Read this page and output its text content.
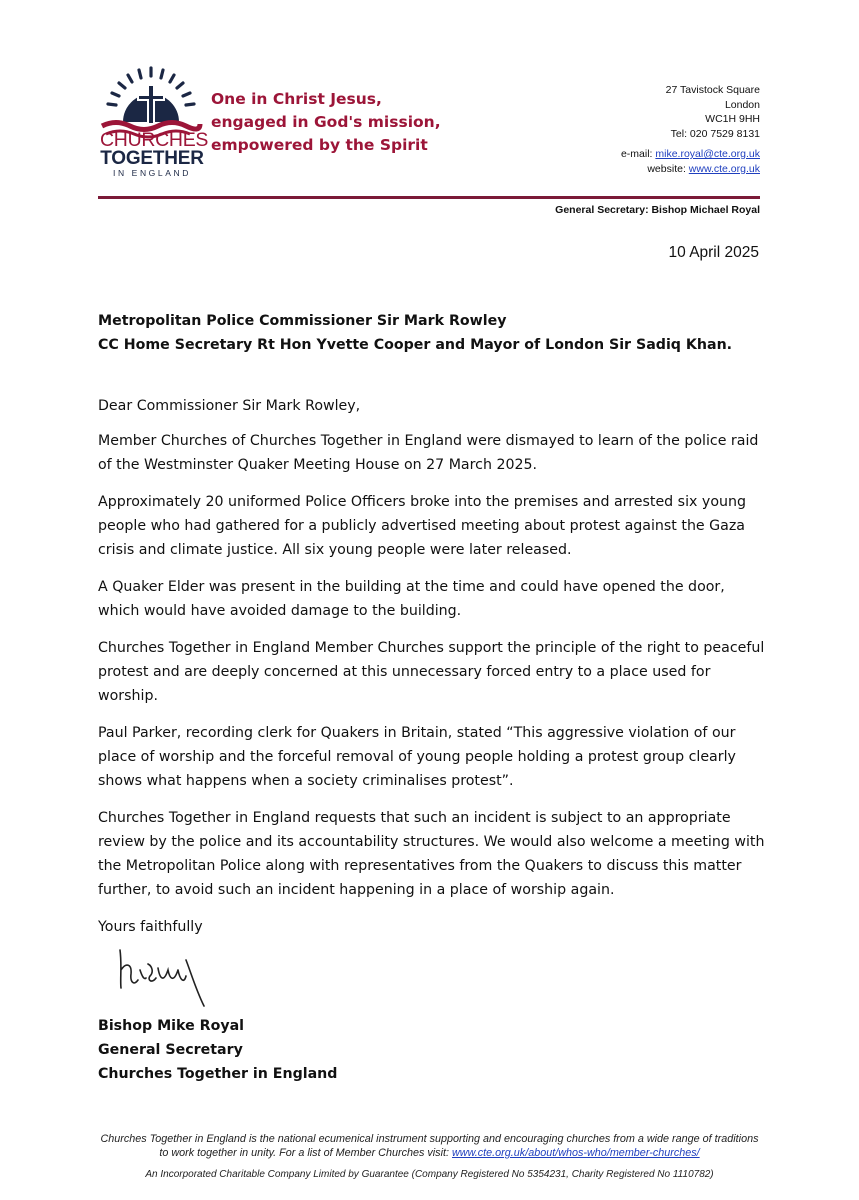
CHURCHES
TOGETHER
IN ENGLAND
One in Christ Jesus,
engaged in God's mission,
empowered by the Spirit
27 Tavistock Square
London
WC1H 9HH
Tel: 020 7529 8131
e-mail: mike.royal@cte.org.uk
website: www.cte.org.uk
General Secretary: Bishop Michael Royal
10 April 2025
Metropolitan Police Commissioner Sir Mark Rowley
CC Home Secretary Rt Hon Yvette Cooper and Mayor of London Sir Sadiq Khan.

Dear Commissioner Sir Mark Rowley,

Member Churches of Churches Together in England were dismayed to learn of the police raid of the Westminster Quaker Meeting House on 27 March 2025.

Approximately 20 uniformed Police Officers broke into the premises and arrested six young people who had gathered for a publicly advertised meeting about protest against the Gaza crisis and climate justice. All six young people were later released.

A Quaker Elder was present in the building at the time and could have opened the door, which would have avoided damage to the building.

Churches Together in England Member Churches support the principle of the right to peaceful protest and are deeply concerned at this unnecessary forced entry to a place used for worship.

Paul Parker, recording clerk for Quakers in Britain, stated “This aggressive violation of our place of worship and the forceful removal of young people holding a protest group clearly shows what happens when a society criminalises protest”.

Churches Together in England requests that such an incident is subject to an appropriate review by the police and its accountability structures. We would also welcome a meeting with the Metropolitan Police along with representatives from the Quakers to discuss this matter further, to avoid such an incident happening in a place of worship again.

Yours faithfully

Bishop Mike Royal
General Secretary
Churches Together in England
Churches Together in England is the national ecumenical instrument supporting and encouraging churches from a wide range of traditions to work together in unity. For a list of Member Churches visit: www.cte.org.uk/about/whos-who/member-churches/
An Incorporated Charitable Company Limited by Guarantee (Company Registered No 5354231, Charity Registered No 1110782)
